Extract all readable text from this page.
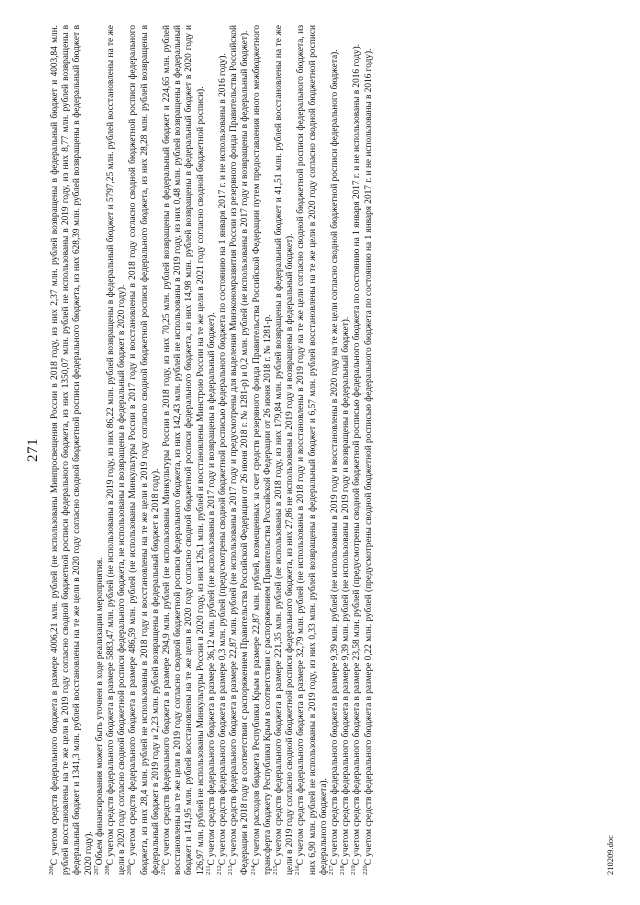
271

$^{206}$С учетом средств федерального бюджета в размере 4006,21 млн. рублей (не использованы Минпросвещения России в 2018 году, из них 2,37 млн. рублей возвращены в федеральный бюджет и 4003,84 млн. рублей восстановлены на те же цели в 2019 году согласно сводной бюджетной росписи федерального бюджета, из них 1350,07 млн. рублей не использованы в 2019 году, из них 8,77 млн. рублей возвращены в федеральный бюджет и 1341,3 млн. рублей восстановлены на те же цели в 2020 году согласно сводной бюджетной росписи федерального бюджета, из них 628,39 млн. рублей возвращены в федеральный бюджет в 2020 году). $^{207}$Объем финансирования может быть уточнен в ходе реализации мероприятия.

$^{208}$С учетом средств федерального бюджета в размере 5883,47 млн. рублей (не использованы в 2019 году, из них 86,22 млн. рублей возвращены в федеральный бюджет и 5797,25 млн. рублей восстановлены на те же цели в 2020 году согласно сводной бюджетной росписи федерального бюджета, не использованы и возвращены в федеральный бюджет в 2020 году). $^{209}$С учетом средств федерального бюджета в размере 486,59 млн. рублей (не использованы Минкультуры России в 2017 году и восстановлены в 2018 году согласно сводной бюджетной росписи федерального бюджета, из них 28,4 млн. рублей не использованы в 2018 году и восстановлены на те же цели в 2019 году согласно сводной бюджетной росписи федерального бюджета, из них 28,28 млн. рублей возвращены в федеральный бюджет в 2019 году и 2,23 млн. рублей возвращены в федеральный бюджет в 2018 году). $^{210}$С учетом средств федерального бюджета в размере 294,9 млн. рублей (не использованы Минкультуры России в 2018 году, из них 70,25 млн. рублей возвращены в федеральный бюджет и 224,65 млн. рублей восстановлены на те же цели в 2019 году согласно сводной бюджетной росписи федерального бюджета, из них 142,43 млн. рублей не использованы в 2019 году, из них 0,48 млн. рублей возвращены в федеральный бюджет и 141,95 млн. рублей восстановлены на те же цели в 2020 году согласно сводной бюджетной росписи федерального бюджета, из них 14,98 млн. рублей возвращены в федеральный бюджет в 2020 году и 126,97 млн. рублей не использованы Минкультуры России в 2020 году, из них 126,1 млн. рублей и восстановлены Минстрою России на те же цели в 2021 году согласно сводной бюджетной росписи). $^{211}$С учетом средств федерального бюджета в размере 36,12 млн. рублей (не использованы в 2017 году и возвращены в федеральный бюджет).

$^{212}$С учетом средств федерального бюджета в размере 0,3 млн. рублей (предусмотрены сводной бюджетной росписью федерального бюджета по состоянию на 1 января 2017 г. и не использованы в 2016 году).

$^{213}$С учетом средств федерального бюджета в размере 22,87 млн. рублей (не использованы в 2017 году и предусмотрены для выделения Минэкономразвития России из резервного фонда Правительства Российской Федерации в 2018 году в соответствии с распоряжением Правительства Российской Федерации от 26 июня 2018 г. № 1281-р) и 0,2 млн. рублей (не использованы в 2017 году и возвращены в федеральный бюджет). $^{214}$С учетом расходов бюджета Республики Крым в размере 22,87 млн. рублей, возмещенных за счет средств резервного фонда Правительства Российской Федерации путем предоставления иного межбюджетного трансферта бюджету Республики Крым в соответствии с распоряжением Правительства Российской Федерации от 26 июня 2018 г. № 1281-р. $^{215}$С учетом средств федерального бюджета в размере 221,35 млн. рублей (не использованы в 2018 году, из них 179,84 млн. рублей возвращены в федеральный бюджет и 41,51 млн. рублей восстановлены на те же цели в 2019 году согласно сводной бюджетной росписи федерального бюджета, из них 27,86 не использованы в 2019 году и возвращены в федеральный бюджет). $^{216}$С учетом средств федерального бюджета в размере 32,79 млн. рублей (не использованы в 2018 году и восстановлены в 2019 году на те же цели согласно сводной бюджетной росписи федерального бюджета, из них 6,90 млн. рублей не использованы в 2019 году, из них 0,33 млн. рублей возвращены в федеральный бюджет и 6,57 млн. рублей восстановлены на те же цели в 2020 году согласно сводной бюджетной росписи федерального бюджета). $^{217}$С учетом средств федерального бюджета в размере 9,39 млн. рублей (не использованы в 2019 году и восстановлены в 2020 году на те же цели согласно сводной бюджетной росписи федерального бюджета).

$^{218}$С учетом средств федерального бюджета в размере 9,39 млн. рублей (не использованы в 2019 году и возвращены в федеральный бюджет).

$^{219}$С учетом средств федерального бюджета в размере 23,58 млн. рублей (предусмотрены сводной бюджетной росписью федерального бюджета по состоянию на 1 января 2017 г. и не использованы в 2016 году).

$^{220}$С учетом средств федерального бюджета в размере 0,22 млн. рублей (предусмотрены сводной бюджетной росписью федерального бюджета по состоянию на 1 января 2017 г. и не использованы в 2016 году).	210209.doc
